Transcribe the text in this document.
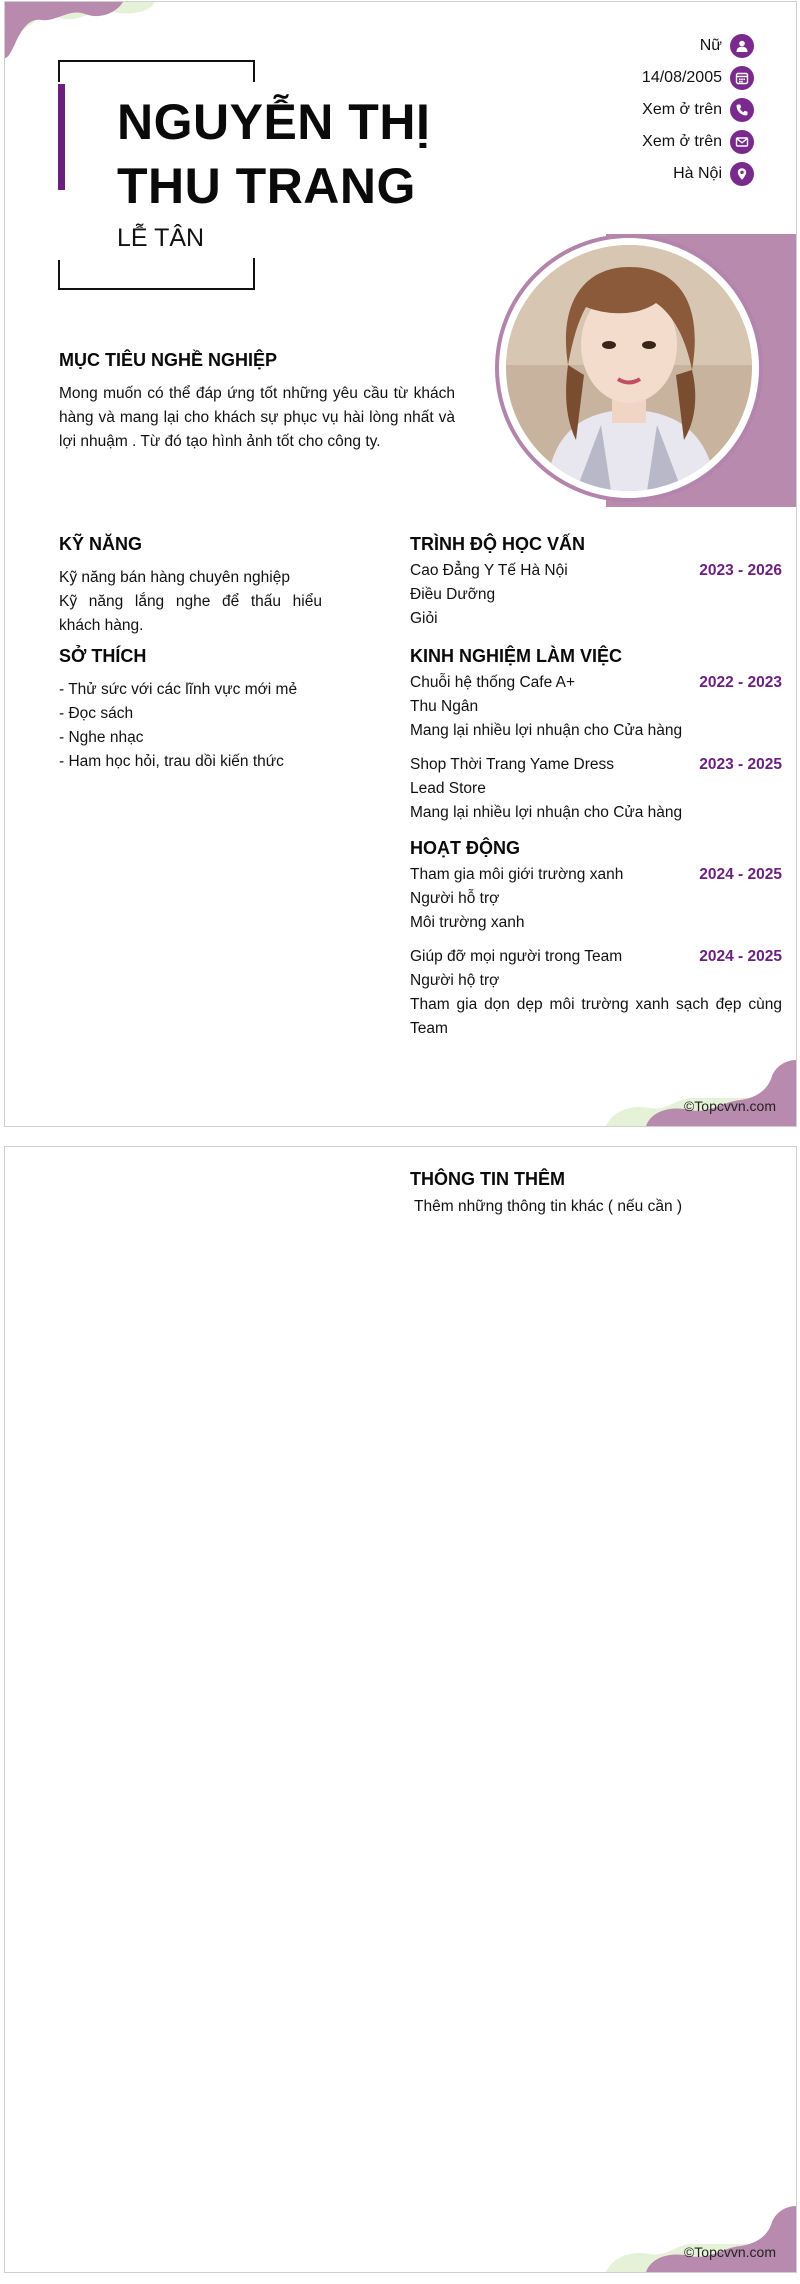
NGUYỄN THỊ THU TRANG
LỄ TÂN
Nữ
14/08/2005
Xem ở trên
Xem ở trên
Hà Nội
MỤC TIÊU NGHỀ NGHIỆP
Mong muốn có thể đáp ứng tốt những yêu cầu từ khách hàng và mang lại cho khách sự phục vụ hài lòng nhất và lợi nhuậm . Từ đó tạo hình ảnh tốt cho công ty.
KỸ NĂNG
Kỹ năng bán hàng chuyên nghiệp
Kỹ năng lắng nghe để thấu hiểu khách hàng.
SỞ THÍCH
- Thử sức với các lĩnh vực mới mẻ
- Đọc sách
- Nghe nhạc
- Ham học hỏi, trau dồi kiến thức
TRÌNH ĐỘ HỌC VẤN
Cao Đẳng Y Tế Hà Nội	2023 - 2026
Điều Dưỡng
Giỏi
KINH NGHIỆM LÀM VIỆC
Chuỗi hệ thống Cafe A+	2022 - 2023
Thu Ngân
Mang lại nhiều lợi nhuận cho Cửa hàng
Shop Thời Trang Yame Dress	2023 - 2025
Lead Store
Mang lại nhiều lợi nhuận cho Cửa hàng
HOẠT ĐỘNG
Tham gia môi giới trường xanh	2024 - 2025
Người hỗ trợ
Môi trường xanh
Giúp đỡ mọi người trong Team	2024 - 2025
Người hộ trợ
Tham gia dọn dẹp môi trường xanh sạch đẹp cùng Team
©Topcvvn.com
THÔNG TIN THÊM
Thêm những thông tin khác ( nếu cần )
©Topcvvn.com
